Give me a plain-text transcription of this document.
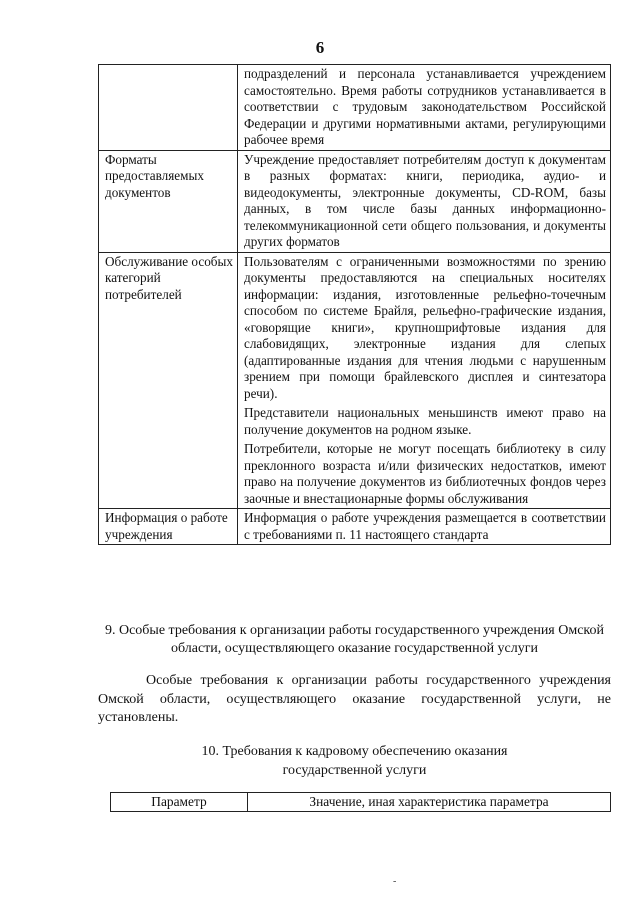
6

	подразделений и персонала устанавливается учреждением самостоятельно. Время работы сотрудников устанавливается в соответствии с трудовым законодательством Российской Федерации и другими нормативными актами, регулирующими рабочее время

Форматы предоставляемых документов	Учреждение предоставляет потребителям доступ к документам в разных форматах: книги, периодика, аудио- и видеодокументы, электронные документы, CD-ROM, базы данных, в том числе базы данных информационно-телекоммуникационной сети общего пользования, и документы других форматов

Обслуживание особых категорий потребителей	Пользователям с ограниченными возможностями по зрению документы предоставляются на специальных носителях информации: издания, изготовленные рельефно-точечным способом по системе Брайля, рельефно-графические издания, «говорящие книги», крупношрифтовые издания для слабовидящих, электронные издания для слепых (адаптированные издания для чтения людьми с нарушенным зрением при помощи брайлевского дисплея и синтезатора речи).

Представители национальных меньшинств имеют право на получение документов на родном языке.

Потребители, которые не могут посещать библиотеку в силу преклонного возраста и/или физических недостатков, имеют право на получение документов из библиотечных фондов через заочные и внестационарные формы обслуживания

Информация о работе учреждения	Информация о работе учреждения размещается в соответствии с требованиями п. 11 настоящего стандарта

9. Особые требования к организации работы государственного учреждения Омской области, осуществляющего оказание государственной услуги
Особые требования к организации работы государственного учреждения Омской области, осуществляющего оказание государственной услуги, не установлены.
10. Требования к кадровому обеспечению оказания
государственной услуги
Параметр	Значение, иная характеристика параметра
-
